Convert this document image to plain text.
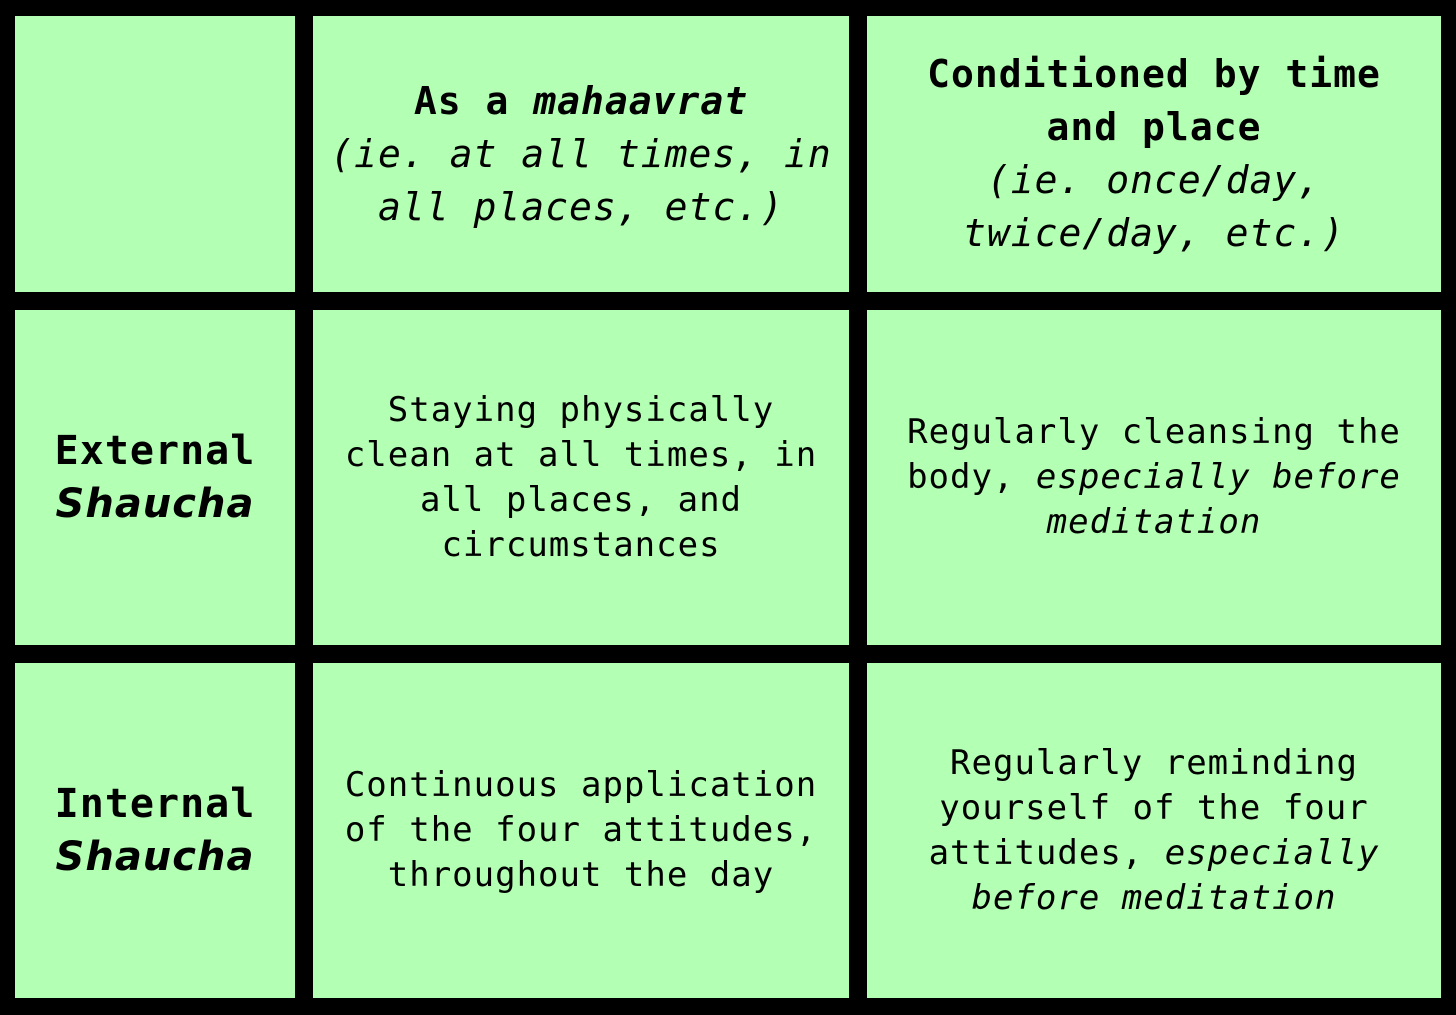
As a mahaavrat
(ie. at all times, in all places, etc.)
Conditioned by time and place
(ie. once/day, twice/day, etc.)
External
Shaucha
Staying physically clean at all times, in all places, and circumstances
Regularly cleansing the body, especially before meditation
Internal
Shaucha
Continuous application of the four attitudes, throughout the day
Regularly reminding yourself of the four attitudes, especially before meditation
